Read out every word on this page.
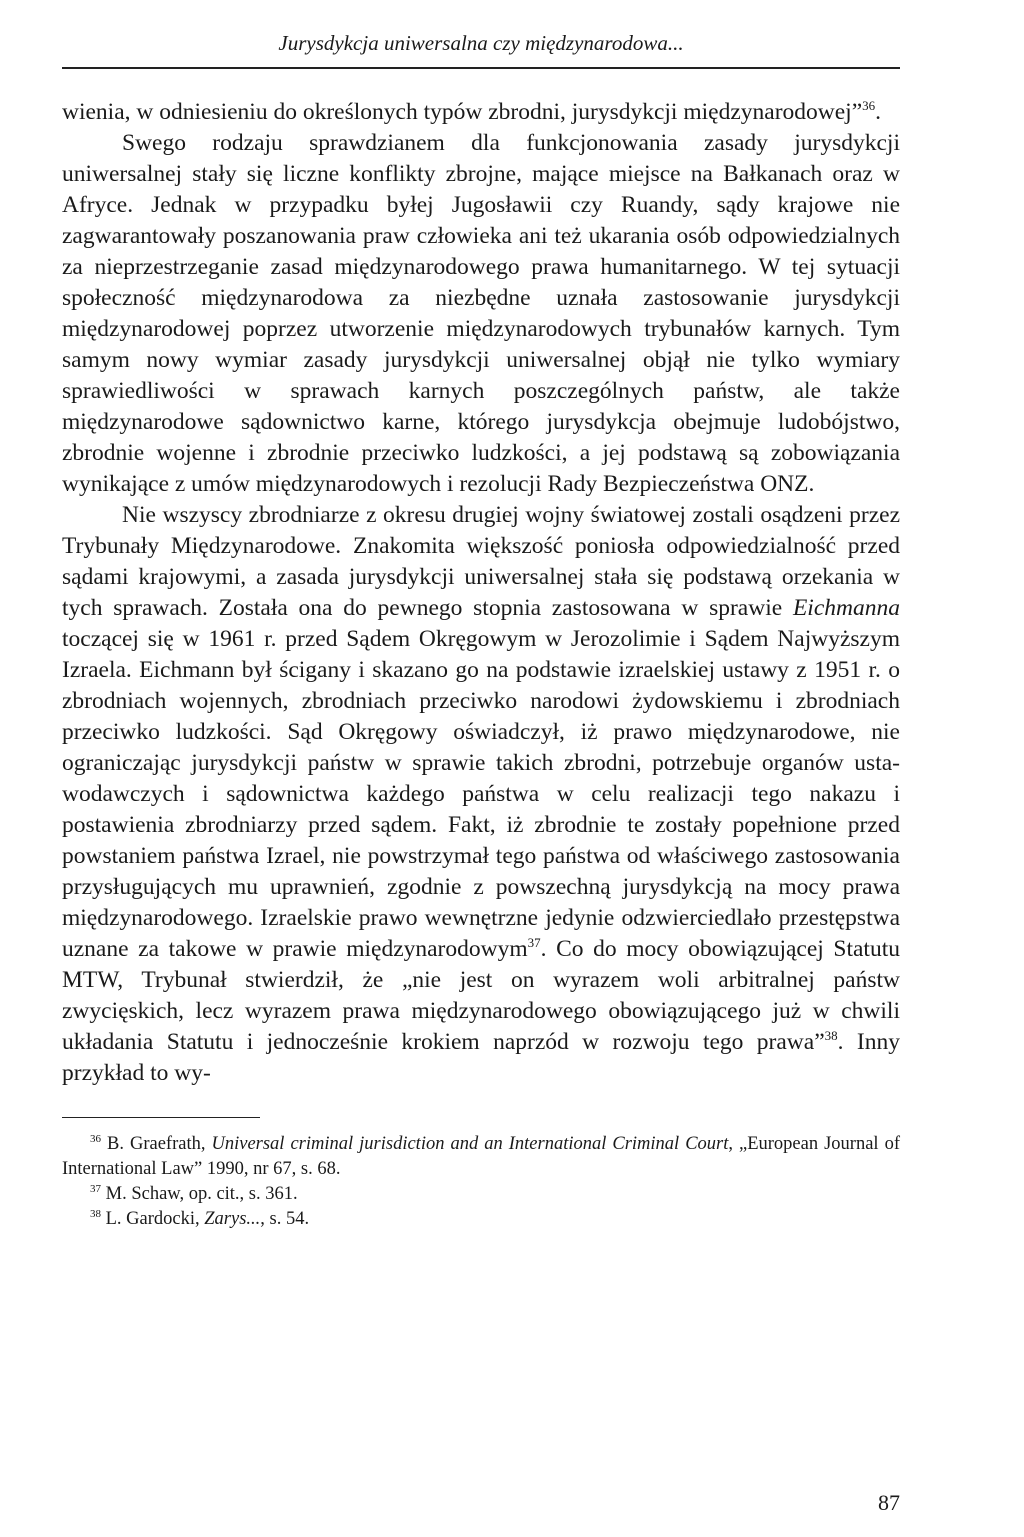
Jurysdykcja uniwersalna czy międzynarodowa...

wienia, w odniesieniu do określonych typów zbrodni, jurysdykcji międzynarodowej”$^{36}$.

Swego rodzaju sprawdzianem dla funkcjonowania zasady jurysdykcji uniwersalnej stały się liczne konflikty zbrojne, mające miejsce na Bałkanach oraz w Afryce. Jednak w przypadku byłej Jugosławii czy Ruandy, sądy krajowe nie zagwarantowały poszanowania praw człowieka ani też ukarania osób odpowiedzialnych za nieprzestrzeganie zasad międzynarodowego prawa humanitarnego. W tej sytuacji społeczność międzynarodowa za niezbędne uznała zastosowanie jurysdykcji międzynarodowej poprzez utworzenie międzynarodowych trybunałów karnych. Tym samym nowy wymiar zasady jurysdykcji uniwersalnej objął nie tylko wymiary sprawiedliwości w sprawach karnych poszczególnych państw, ale także międzynarodowe sądownictwo karne, którego jurysdykcja obejmuje ludobójstwo, zbrodnie wojenne i zbrodnie przeciwko ludzkości, a jej podstawą są zobowiązania wynikające z umów międzynarodowych i rezolucji Rady Bezpieczeństwa ONZ.

Nie wszyscy zbrodniarze z okresu drugiej wojny światowej zostali osądzeni przez Trybunały Międzynarodowe. Znakomita większość poniosła odpowiedzialność przed sądami krajowymi, a zasada jurysdykcji uniwersalnej stała się podstawą orzekania w tych sprawach. Została ona do pewnego stopnia zastosowana w sprawie Eichmanna toczącej się w 1961 r. przed Sądem Okręgowym w Jerozolimie i Sądem Najwyższym Izraela. Eichmann był ścigany i skazano go na podstawie izraelskiej ustawy z 1951 r. o zbrodniach wojennych, zbrodniach przeciwko narodowi żydowskiemu i zbrodniach przeciwko ludzkości. Sąd Okręgowy oświadczył, iż prawo międzynarodowe, nie ograniczając jurysdykcji państw w sprawie takich zbrodni, potrzebuje organów ustawodawczych i sądownictwa każdego państwa w celu realizacji tego nakazu i postawienia zbrodniarzy przed sądem. Fakt, iż zbrodnie te zostały popełnione przed powstaniem państwa Izrael, nie powstrzymał tego państwa od właściwego zastosowania przysługujących mu uprawnień, zgodnie z powszechną jurysdykcją na mocy prawa międzynarodowego. Izraelskie prawo wewnętrzne jedynie odzwierciedlało przestępstwa uznane za takowe w prawie międzynarodowym$^{37}$. Co do mocy obowiązującej Statutu MTW, Trybunał stwierdził, że „nie jest on wyrazem woli arbitralnej państw zwycięskich, lecz wyrazem prawa międzynarodowego obowiązującego już w chwili układania Statutu i jednocześnie krokiem naprzód w rozwoju tego prawa”$^{38}$. Inny przykład to wy-

$^{36}$ B. Graefrath, Universal criminal jurisdiction and an International Criminal Court, „European Journal of International Law” 1990, nr 67, s. 68.

$^{37}$ M. Schaw, op. cit., s. 361.

$^{38}$ L. Gardocki, Zarys..., s. 54.

87
